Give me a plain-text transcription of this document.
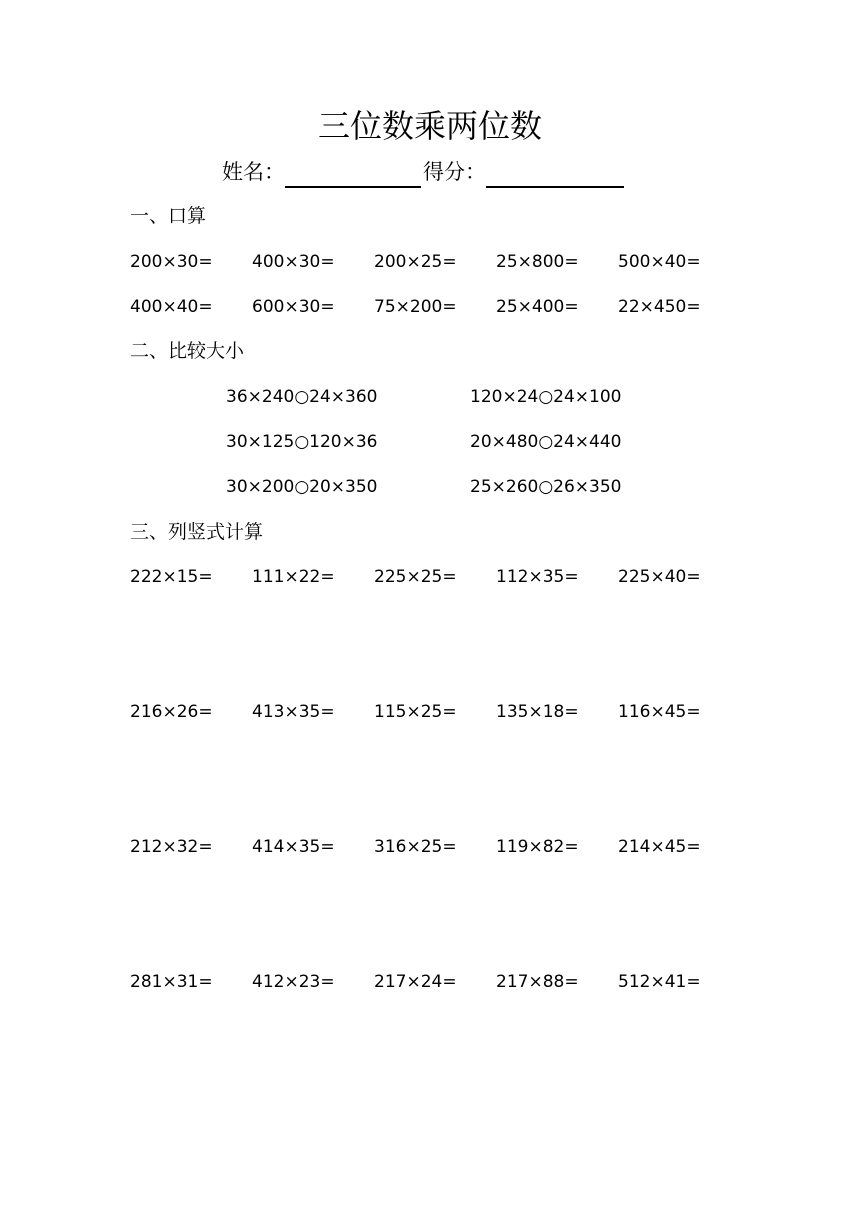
三位数乘两位数
姓名：	得分：
一、口算
200×30= 400×30= 200×25= 25×800= 500×40=
400×40= 600×30= 75×200= 25×400= 22×450=
二、比较大小
36×240○24×360	120×24○24×100
30×125○120×36	20×480○24×440
30×200○20×350	25×260○26×350
三、列竖式计算
222×15= 111×22= 225×25= 112×35= 225×40=
216×26= 413×35= 115×25= 135×18= 116×45=
212×32= 414×35= 316×25= 119×82= 214×45=
281×31= 412×23= 217×24= 217×88= 512×41=
